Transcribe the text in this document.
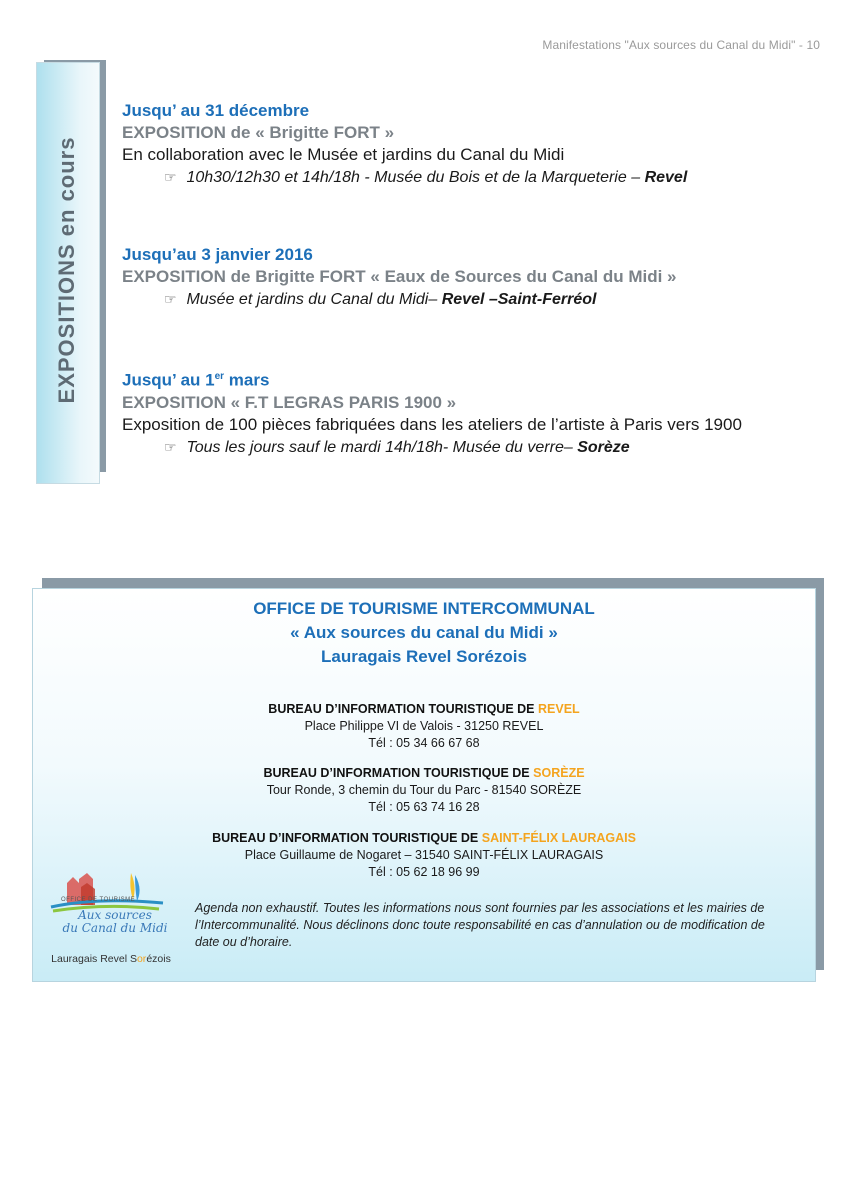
Manifestations "Aux sources du Canal du Midi" - 10
EXPOSITIONS en cours
Jusqu’ au 31 décembre
EXPOSITION de « Brigitte FORT »
En collaboration avec le Musée et jardins du Canal du Midi
☞ 10h30/12h30 et 14h/18h - Musée du Bois et de la Marqueterie – Revel
Jusqu’au 3 janvier 2016
EXPOSITION de Brigitte FORT « Eaux de Sources du Canal du Midi »
☞ Musée et jardins du Canal du Midi– Revel –Saint-Ferréol
Jusqu’ au 1er mars
EXPOSITION « F.T LEGRAS PARIS 1900 »
Exposition de 100 pièces fabriquées dans les ateliers de l’artiste à Paris vers 1900
☞ Tous les jours sauf le mardi 14h/18h- Musée du verre– Sorèze
OFFICE DE TOURISME INTERCOMMUNAL
« Aux sources du canal du Midi »
Lauragais Revel Sorézois
BUREAU D’INFORMATION TOURISTIQUE DE REVEL
Place Philippe VI de Valois - 31250 REVEL
Tél : 05 34 66 67 68
BUREAU D’INFORMATION TOURISTIQUE DE SORÈZE
Tour Ronde, 3 chemin du Tour du Parc - 81540 SORÈZE
Tél : 05 63 74 16 28
BUREAU D’INFORMATION TOURISTIQUE DE SAINT-FÉLIX LAURAGAIS
Place Guillaume de Nogaret – 31540 SAINT-FÉLIX LAURAGAIS
Tél : 05 62 18 96 99
OFFICE DE TOURISME
Aux sources
du Canal du Midi
Lauragais Revel Sorézois
Agenda non exhaustif. Toutes les informations nous sont fournies par les associations et les mairies de l’Intercommunalité. Nous déclinons donc toute responsabilité en cas d’annulation ou de modification de date ou d’horaire.
